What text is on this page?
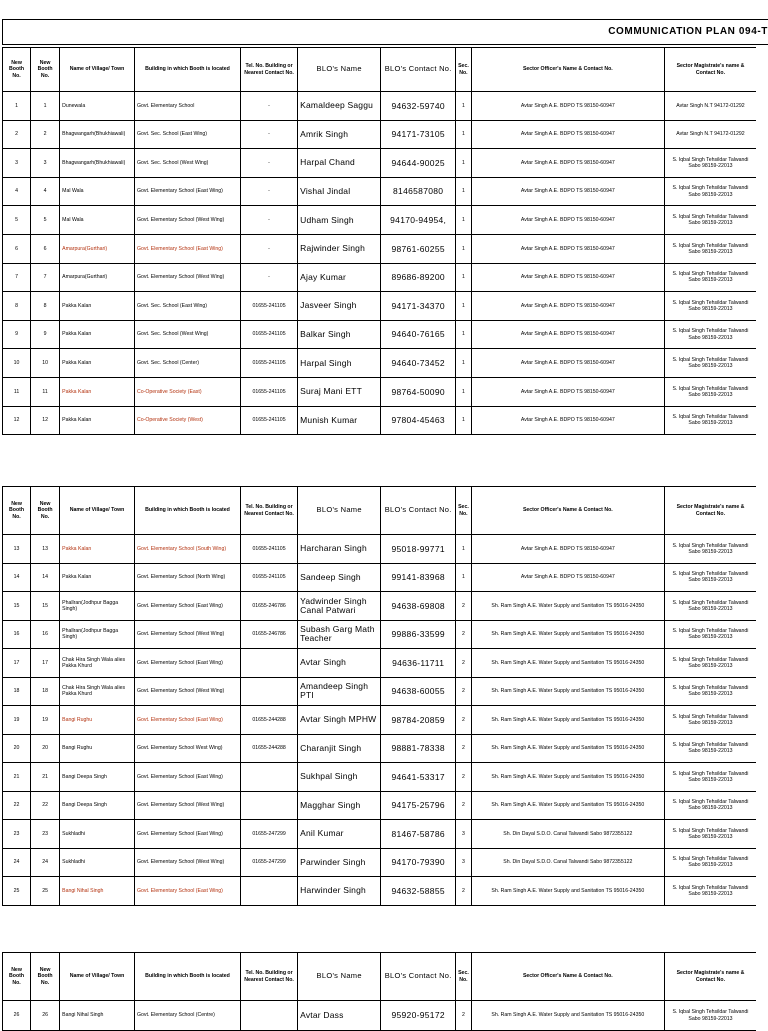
COMMUNICATION PLAN 094-T
New Booth No.	New Booth No.	Name of Village/ Town	Building in which Booth is located	Tel. No. Building or Nearest Contact No.	BLO's Name	BLO's Contact No.	Sec. No.	Sector Officer's Name & Contact No.	Sector Magistrate's name & Contact No.
1	1	Dunewala	Govt. Elementary School	-	Kamaldeep Saggu	94632-59740	1	Avtar Singh A.E. BDPO TS 98150-60947	Avtar Singh N.T 94172-01292
2	2	Bhagwangarh(Bhukhiawali)	Govt. Sec. School (East Wing)	-	Amrik Singh	94171-73105	1	Avtar Singh A.E. BDPO TS 98150-60947	Avtar Singh N.T 94172-01292
3	3	Bhagwangarh(Bhukhiawali)	Govt. Sec. School (West Wing)	-	Harpal Chand	94644-90025	1	Avtar Singh A.E. BDPO TS 98150-60947	S. Iqbal Singh Tehsildar Talwandi Sabo 98159-22013
4	4	Mal Wala	Govt. Elementary School (East Wing)	-	Vishal Jindal	8146587080	1	Avtar Singh A.E. BDPO TS 98150-60947	S. Iqbal Singh Tehsildar Talwandi Sabo 98159-22013
5	5	Mal Wala	Govt. Elementary School (West Wing)	-	Udham Singh	94170-94954,	1	Avtar Singh A.E. BDPO TS 98150-60947	S. Iqbal Singh Tehsildar Talwandi Sabo 98159-22013
6	6	Amarpura(Gurthari)	Govt. Elementary School (East Wing)	-	Rajwinder Singh	98761-60255	1	Avtar Singh A.E. BDPO TS 98150-60947	S. Iqbal Singh Tehsildar Talwandi Sabo 98159-22013
7	7	Amarpura(Gurthari)	Govt. Elementary School (West Wing)	-	Ajay Kumar	89686-89200	1	Avtar Singh A.E. BDPO TS 98150-60947	S. Iqbal Singh Tehsildar Talwandi Sabo 98159-22013
8	8	Pakka Kalan	Govt. Sec. School (East Wing)	01655-241105	Jasveer Singh	94171-34370	1	Avtar Singh A.E. BDPO TS 98150-60947	S. Iqbal Singh Tehsildar Talwandi Sabo 98159-22013
9	9	Pakka Kalan	Govt. Sec. School (West Wing)	01655-241105	Balkar Singh	94640-76165	1	Avtar Singh A.E. BDPO TS 98150-60947	S. Iqbal Singh Tehsildar Talwandi Sabo 98159-22013
10	10	Pakka Kalan	Govt. Sec. School (Center)	01655-241105	Harpal Singh	94640-73452	1	Avtar Singh A.E. BDPO TS 98150-60947	S. Iqbal Singh Tehsildar Talwandi Sabo 98159-22013
11	11	Pakka Kalan	Co-Operative Society (East)	01655-241105	Suraj Mani ETT	98764-50090	1	Avtar Singh A.E. BDPO TS 98150-60947	S. Iqbal Singh Tehsildar Talwandi Sabo 98159-22013
12	12	Pakka Kalan	Co-Operative Society (West)	01655-241105	Munish Kumar	97804-45463	1	Avtar Singh A.E. BDPO TS 98150-60947	S. Iqbal Singh Tehsildar Talwandi Sabo 98159-22013
New Booth No.	New Booth No.	Name of Village/ Town	Building in which Booth is located	Tel. No. Building or Nearest Contact No.	BLO's Name	BLO's Contact No.	Sec. No.	Sector Officer's Name & Contact No.	Sector Magistrate's name & Contact No.
13	13	Pakka Kalan	Govt. Elementary School (South Wing)	01655-241105	Harcharan Singh	95018-99771	1	Avtar Singh A.E. BDPO TS 98150-60947	S. Iqbal Singh Tehsildar Talwandi Sabo 98159-22013
14	14	Pakka Kalan	Govt. Elementary School (North Wing)	01655-241105	Sandeep Singh	99141-83968	1	Avtar Singh A.E. BDPO TS 98150-60947	S. Iqbal Singh Tehsildar Talwandi Sabo 98159-22013
15	15	Phallran(Jodhpur Bagga Singh)	Govt. Elementary School (East Wing)	01655-246786	Yadwinder Singh Canal Patwari	94638-69808	2	Sh. Ram Singh A.E. Water Supply and Sanitation TS 95016-24350	S. Iqbal Singh Tehsildar Talwandi Sabo 98159-22013
16	16	Phallran(Jodhpur Bagga Singh)	Govt. Elementary School (West Wing)	01655-246786	Subash Garg Math Teacher	99886-33599	2	Sh. Ram Singh A.E. Water Supply and Sanitation TS 95016-24350	S. Iqbal Singh Tehsildar Talwandi Sabo 98159-22013
17	17	Chak Hira Singh Wala alies Pakka Khurd	Govt. Elementary School (East Wing)		Avtar Singh	94636-11711	2	Sh. Ram Singh A.E. Water Supply and Sanitation TS 95016-24350	S. Iqbal Singh Tehsildar Talwandi Sabo 98159-22013
18	18	Chak Hira Singh Wala alies Pakka Khurd	Govt. Elementary School (West Wing)		Amandeep Singh PTI	94638-60055	2	Sh. Ram Singh A.E. Water Supply and Sanitation TS 95016-24350	S. Iqbal Singh Tehsildar Talwandi Sabo 98159-22013
19	19	Bangi Rughu	Govt. Elementary School (East Wing)	01655-244288	Avtar Singh MPHW	98784-20859	2	Sh. Ram Singh A.E. Water Supply and Sanitation TS 95016-24350	S. Iqbal Singh Tehsildar Talwandi Sabo 98159-22013
20	20	Bangi Rughu	Govt. Elementary School West Wing)	01655-244288	Charanjit Singh	98881-78338	2	Sh. Ram Singh A.E. Water Supply and Sanitation TS 95016-24350	S. Iqbal Singh Tehsildar Talwandi Sabo 98159-22013
21	21	Bangi Deepa Singh	Govt. Elementary School (East Wing)		Sukhpal Singh	94641-53317	2	Sh. Ram Singh A.E. Water Supply and Sanitation TS 95016-24350	S. Iqbal Singh Tehsildar Talwandi Sabo 98159-22013
22	22	Bangi Deepa Singh	Govt. Elementary School (West Wing)		Magghar Singh	94175-25796	2	Sh. Ram Singh A.E. Water Supply and Sanitation TS 95016-24350	S. Iqbal Singh Tehsildar Talwandi Sabo 98159-22013
23	23	Sukhladhi	Govt. Elementary School (East Wing)	01655-247299	Anil Kumar	81467-58786	3	Sh. Din Dayal S.D.O. Canal Talwandi Sabo 9872355122	S. Iqbal Singh Tehsildar Talwandi Sabo 98159-22013
24	24	Sukhladhi	Govt. Elementary School (West Wing)	01655-247299	Parwinder Singh	94170-79390	3	Sh. Din Dayal S.D.O. Canal Talwandi Sabo 9872355122	S. Iqbal Singh Tehsildar Talwandi Sabo 98159-22013
25	25	Bangi Nihal Singh	Govt. Elementary School (East Wing)		Harwinder Singh	94632-58855	2	Sh. Ram Singh A.E. Water Supply and Sanitation TS 95016-24350	S. Iqbal Singh Tehsildar Talwandi Sabo 98159-22013
New Booth No.	New Booth No.	Name of Village/ Town	Building in which Booth is located	Tel. No. Building or Nearest Contact No.	BLO's Name	BLO's Contact No.	Sec. No.	Sector Officer's Name & Contact No.	Sector Magistrate's name & Contact No.
26	26	Bangi Nihal Singh	Govt. Elementary School (Centre)		Avtar Dass	95920-95172	2	Sh. Ram Singh A.E. Water Supply and Sanitation TS 95016-24350	S. Iqbal Singh Tehsildar Talwandi Sabo 98159-22013
